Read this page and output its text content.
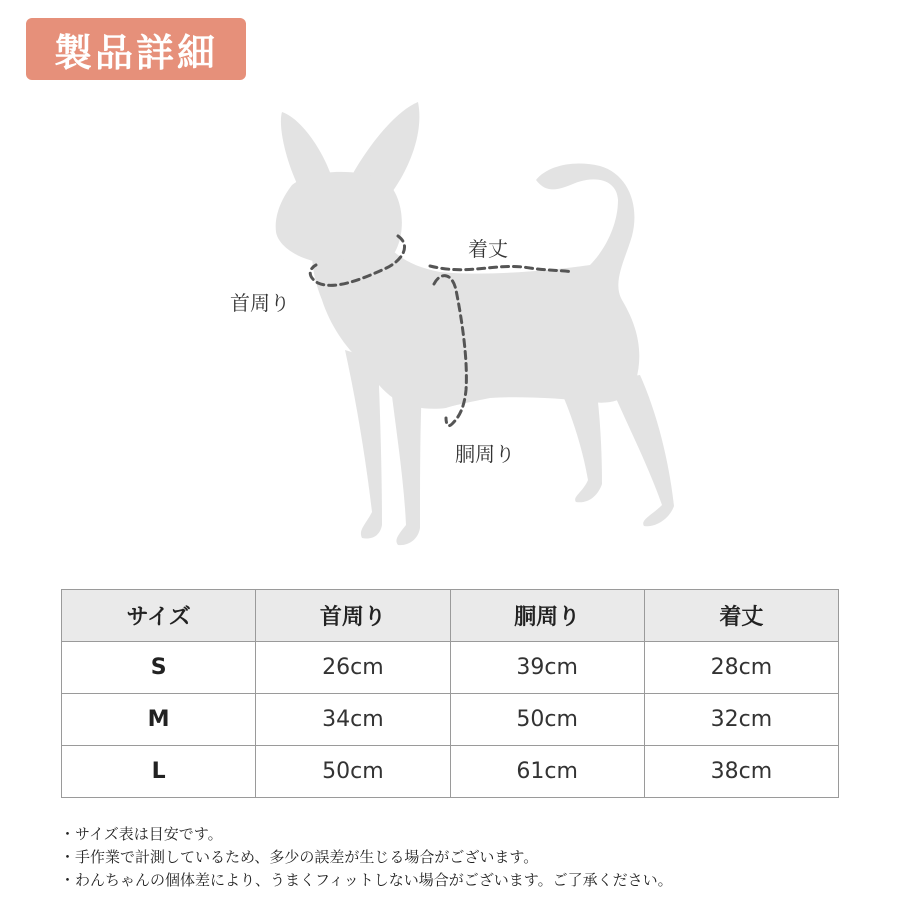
製品詳細
首周り
着丈
胴周り
サイズ	首周り	胴周り	着丈
S	26cm	39cm	28cm
M	34cm	50cm	32cm
L	50cm	61cm	38cm
・サイズ表は目安です。
・手作業で計測しているため、多少の誤差が生じる場合がございます。
・わんちゃんの個体差により、うまくフィットしない場合がございます。ご了承ください。
